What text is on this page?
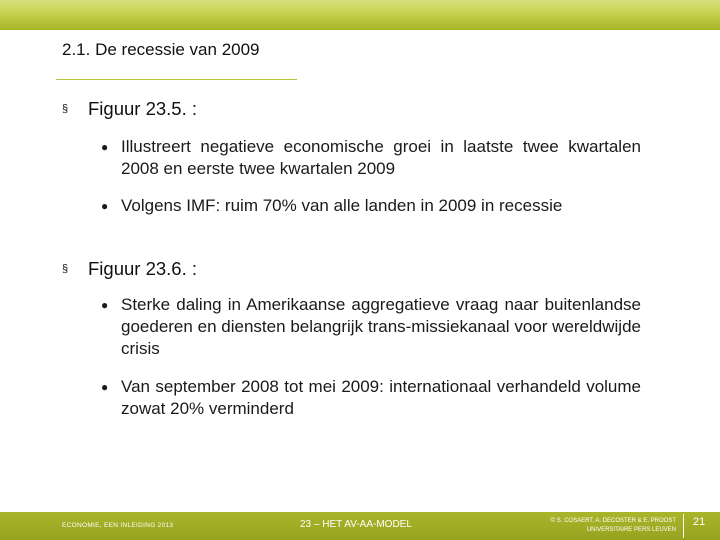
2.1. De recessie van 2009
§	Figuur 23.5. :
● Illustreert negatieve economische groei in laatste twee kwartalen 2008 en eerste twee kwartalen 2009
● Volgens IMF: ruim 70% van alle landen in 2009 in recessie
§	Figuur 23.6. :
● Sterke daling in Amerikaanse aggregatieve vraag naar buitenlandse goederen en diensten belangrijk trans-missiekanaal voor wereldwijde crisis
● Van september 2008 tot mei 2009: internationaal verhandeld volume zowat 20% verminderd
ECONOMIE, EEN INLEIDING 2013	23 – HET AV-AA-MODEL	© S. COSAERT, A. DECOSTER & E. PROOST
UNIVERSITAIRE PERS LEUVEN
21
